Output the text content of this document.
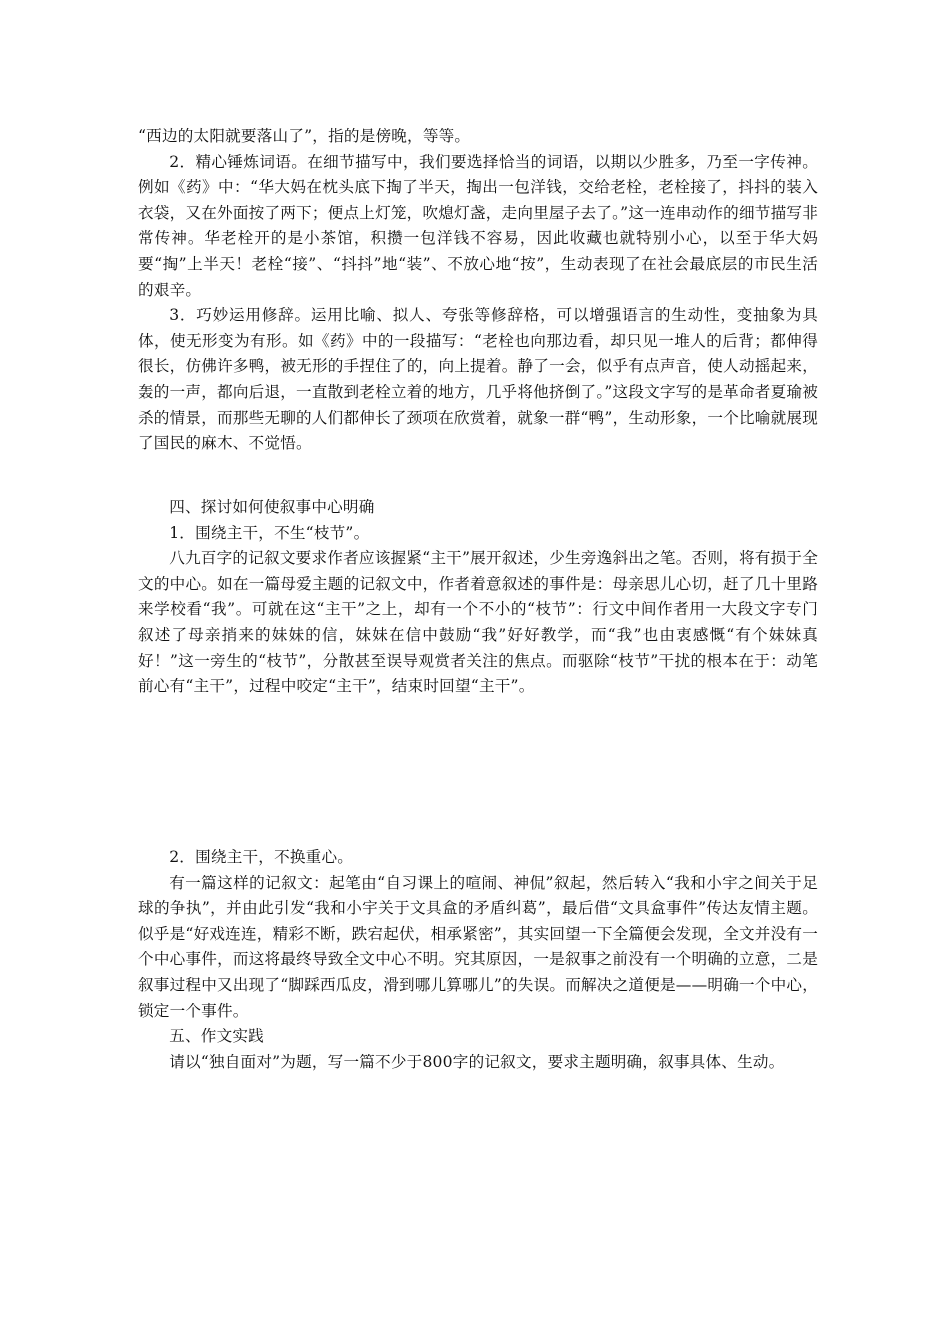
“西边的太阳就要落山了”，指的是傍晚，等等。

2．精心锤炼词语。在细节描写中，我们要选择恰当的词语，以期以少胜多，乃至一字传神。例如《药》中：“华大妈在枕头底下掏了半天，掏出一包洋钱，交给老栓，老栓接了，抖抖的装入衣袋，又在外面按了两下；便点上灯笼，吹熄灯盏，走向里屋子去了。”这一连串动作的细节描写非常传神。华老栓开的是小茶馆，积攒一包洋钱不容易，因此收藏也就特别小心，以至于华大妈要“掏”上半天！老栓“接”、“抖抖”地“装”、不放心地“按”，生动表现了在社会最底层的市民生活的艰辛。

3．巧妙运用修辞。运用比喻、拟人、夸张等修辞格，可以增强语言的生动性，变抽象为具体，使无形变为有形。如《药》中的一段描写：“老栓也向那边看，却只见一堆人的后背；都伸得很长，仿佛许多鸭，被无形的手捏住了的，向上提着。静了一会，似乎有点声音，使人动摇起来，轰的一声，都向后退，一直散到老栓立着的地方，几乎将他挤倒了。”这段文字写的是革命者夏瑜被杀的情景，而那些无聊的人们都伸长了颈项在欣赏着，就象一群“鸭”，生动形象，一个比喻就展现了国民的麻木、不觉悟。

四、探讨如何使叙事中心明确

1．围绕主干，不生“枝节”。

八九百字的记叙文要求作者应该握紧“主干”展开叙述，少生旁逸斜出之笔。否则，将有损于全文的中心。如在一篇母爱主题的记叙文中，作者着意叙述的事件是：母亲思儿心切，赶了几十里路来学校看“我”。可就在这“主干”之上，却有一个不小的“枝节”：行文中间作者用一大段文字专门叙述了母亲捎来的妹妹的信，妹妹在信中鼓励“我”好好教学，而“我”也由衷感慨“有个妹妹真好！”这一旁生的“枝节”，分散甚至误导观赏者关注的焦点。而驱除“枝节”干扰的根本在于：动笔前心有“主干”，过程中咬定“主干”，结束时回望“主干”。

2．围绕主干，不换重心。

有一篇这样的记叙文：起笔由“自习课上的喧闹、神侃”叙起，然后转入“我和小宇之间关于足球的争执”，并由此引发“我和小宇关于文具盒的矛盾纠葛”，最后借“文具盒事件”传达友情主题。似乎是“好戏连连，精彩不断，跌宕起伏，相承紧密”，其实回望一下全篇便会发现，全文并没有一个中心事件，而这将最终导致全文中心不明。究其原因，一是叙事之前没有一个明确的立意，二是叙事过程中又出现了“脚踩西瓜皮，滑到哪儿算哪儿”的失误。而解决之道便是——明确一个中心，锁定一个事件。

五、作文实践

请以“独自面对”为题，写一篇不少于800字的记叙文，要求主题明确，叙事具体、生动。
